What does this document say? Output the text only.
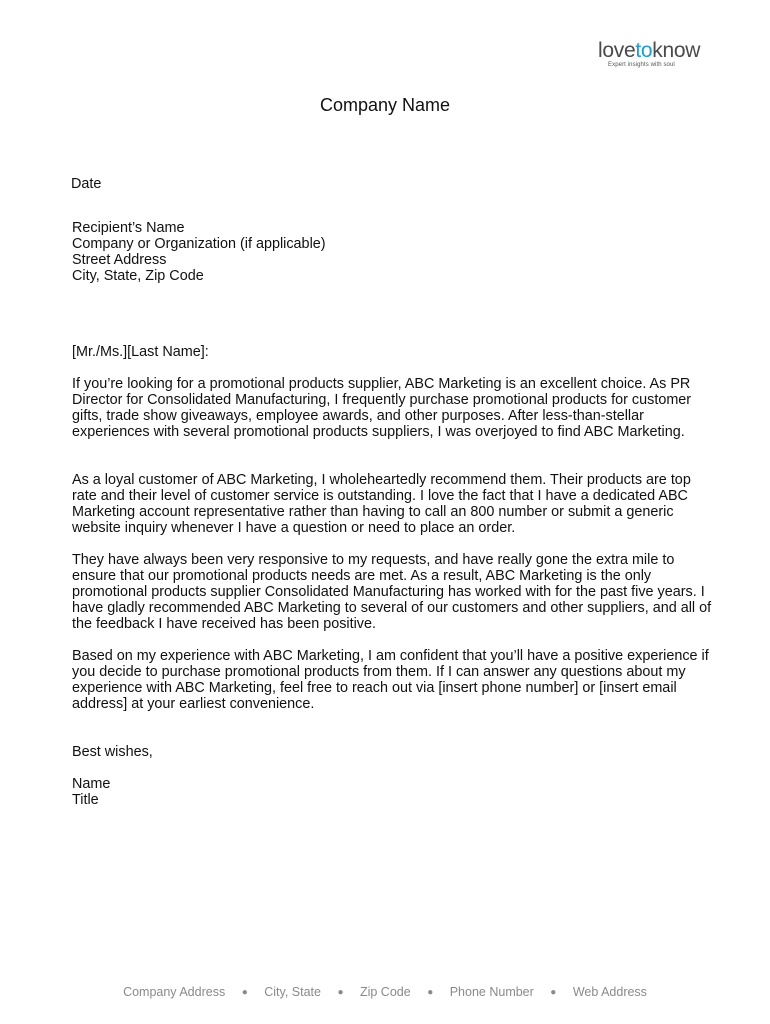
lovetoknow
Expert insights with soul
Company Name
Date
Recipient’s Name
Company or Organization (if applicable)
Street Address
City, State, Zip Code
[Mr./Ms.][Last Name]:

If you’re looking for a promotional products supplier, ABC Marketing is an excellent choice. As PR Director for Consolidated Manufacturing, I frequently purchase promotional products for customer gifts, trade show giveaways, employee awards, and other purposes. After less-than-stellar experiences with several promotional products suppliers, I was overjoyed to find ABC Marketing.

As a loyal customer of ABC Marketing, I wholeheartedly recommend them. Their products are top rate and their level of customer service is outstanding. I love the fact that I have a dedicated ABC Marketing account representative rather than having to call an 800 number or submit a generic website inquiry whenever I have a question or need to place an order.

They have always been very responsive to my requests, and have really gone the extra mile to ensure that our promotional products needs are met. As a result, ABC Marketing is the only promotional products supplier Consolidated Manufacturing has worked with for the past five years. I have gladly recommended ABC Marketing to several of our customers and other suppliers, and all of the feedback I have received has been positive.

Based on my experience with ABC Marketing, I am confident that you’ll have a positive experience if you decide to purchase promotional products from them. If I can answer any questions about my experience with ABC Marketing, feel free to reach out via [insert phone number] or [insert email address] at your earliest convenience.

Best wishes,
Name
Title
Company Address ● City, State ● Zip Code ● Phone Number ● Web Address
